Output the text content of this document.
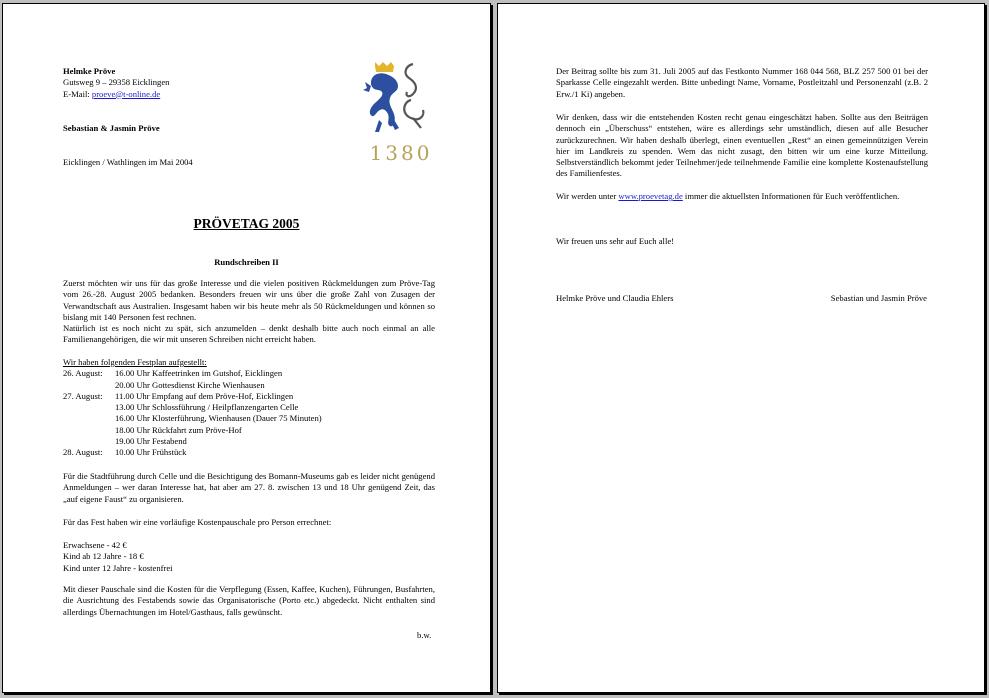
Helmke Pröve
Gutsweg 9 – 29358 Eicklingen
E-Mail: proeve@t-online.de
Sebastian & Jasmin Pröve
Eicklingen / Wathlingen im Mai 2004	1380
PRÖVETAG 2005
Rundschreiben II
Zuerst möchten wir uns für das große Interesse und die vielen positiven Rückmeldungen zum Pröve-Tag vom 26.-28. August 2005 bedanken. Besonders freuen wir uns über die große Zahl von Zusagen der Verwandtschaft aus Australien. Insgesamt haben wir bis heute mehr als 50 Rückmeldungen und können so bislang mit 140 Personen fest rechnen.
Natürlich ist es noch nicht zu spät, sich anzumelden – denkt deshalb bitte auch noch einmal an alle Familienangehörigen, die wir mit unseren Schreiben nicht erreicht haben.
Wir haben folgenden Festplan aufgestellt:
26. August:	16.00 Uhr Kaffeetrinken im Gutshof, Eicklingen
20.00 Uhr Gottesdienst Kirche Wienhausen
27. August:	11.00 Uhr Empfang auf dem Pröve-Hof, Eicklingen
13.00 Uhr Schlossführung / Heilpflanzengarten Celle
16.00 Uhr Klosterführung, Wienhausen (Dauer 75 Minuten)
18.00 Uhr Rückfahrt zum Pröve-Hof
19.00 Uhr Festabend
28. August:	10.00 Uhr Frühstück
Für die Stadtführung durch Celle und die Besichtigung des Bomann-Museums gab es leider nicht genügend Anmeldungen – wer daran Interesse hat, hat aber am 27. 8. zwischen 13 und 18 Uhr genügend Zeit, das „auf eigene Faust“ zu organisieren.
Für das Fest haben wir eine vorläufige Kostenpauschale pro Person errechnet:
Erwachsene - 42 €
Kind ab 12 Jahre - 18 €
Kind unter 12 Jahre - kostenfrei
Mit dieser Pauschale sind die Kosten für die Verpflegung (Essen, Kaffee, Kuchen), Führungen, Busfahrten, die Ausrichtung des Festabends sowie das Organisatorische (Porto etc.) abgedeckt. Nicht enthalten sind allerdings Übernachtungen im Hotel/Gasthaus, falls gewünscht.
b.w.
Der Beitrag sollte bis zum 31. Juli 2005 auf das Festkonto Nummer 168 044 568, BLZ 257 500 01 bei der Sparkasse Celle eingezahlt werden. Bitte unbedingt Name, Vorname, Postleitzahl und Personenzahl (z.B. 2 Erw./1 Ki) angeben.
Wir denken, dass wir die entstehenden Kosten recht genau eingeschätzt haben. Sollte aus den Beiträgen dennoch ein „Überschuss“ entstehen, wäre es allerdings sehr umständlich, diesen auf alle Besucher zurückzurechnen. Wir haben deshalb überlegt, einen eventuellen „Rest“ an einen gemeinnützigen Verein hier im Landkreis zu spenden. Wem das nicht zusagt, den bitten wir um eine kurze Mitteilung. Selbstverständlich bekommt jeder Teilnehmer/jede teilnehmende Familie eine komplette Kostenaufstellung des Familienfestes.
Wir werden unter www.proevetag.de immer die aktuellsten Informationen für Euch veröffentlichen.
Wir freuen uns sehr auf Euch alle!
Helmke Pröve und Claudia Ehlers	Sebastian und Jasmin Pröve
